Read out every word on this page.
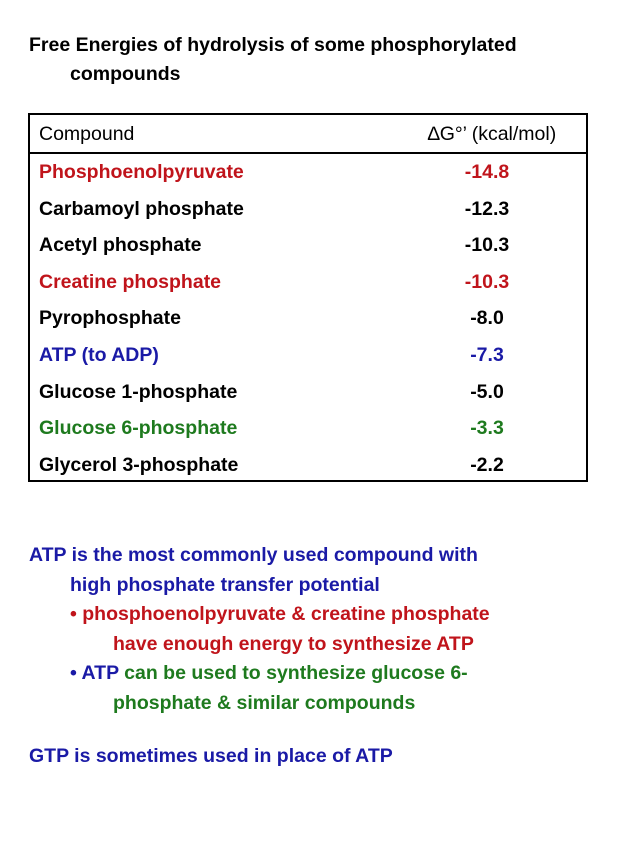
Free Energies of hydrolysis of some phosphorylated
compounds
Compound	∆G°’ (kcal/mol)
Phosphoenolpyruvate	-14.8
Carbamoyl phosphate	-12.3
Acetyl phosphate	-10.3
Creatine phosphate	-10.3
Pyrophosphate	-8.0
ATP (to ADP)	-7.3
Glucose 1-phosphate	-5.0
Glucose 6-phosphate	-3.3
Glycerol 3-phosphate	-2.2
ATP is the most commonly used compound with
high phosphate transfer potential
• phosphoenolpyruvate & creatine phosphate
have enough energy to synthesize ATP
• ATP can be used to synthesize glucose 6-
phosphate & similar compounds
GTP is sometimes used in place of ATP
